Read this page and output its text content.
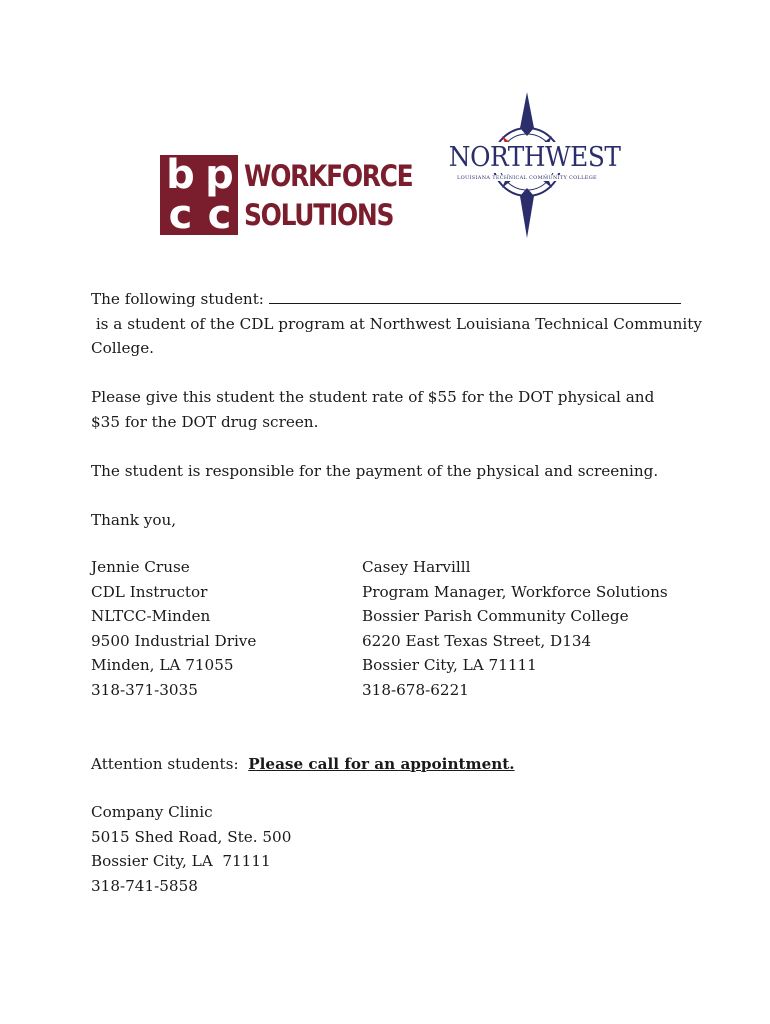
b p
c c
WORKFORCE
SOLUTIONS
NORTHWEST
LOUISIANA TECHNICAL COMMUNITY COLLEGE
The following student:
is a student of the CDL program at Northwest Louisiana Technical Community
College.
Please give this student the student rate of $55 for the DOT physical and $35 for the DOT drug screen.
The student is responsible for the payment of the physical and screening.
Thank you,
Jennie Cruse
CDL Instructor
NLTCC-Minden
9500 Industrial Drive
Minden, LA 71055
318-371-3035
Casey Harvilll
Program Manager, Workforce Solutions
Bossier Parish Community College
6220 East Texas Street, D134
Bossier City, LA 71111
318-678-6221
Attention students: Please call for an appointment.
Company Clinic
5015 Shed Road, Ste. 500
Bossier City, LA  71111
318-741-5858
